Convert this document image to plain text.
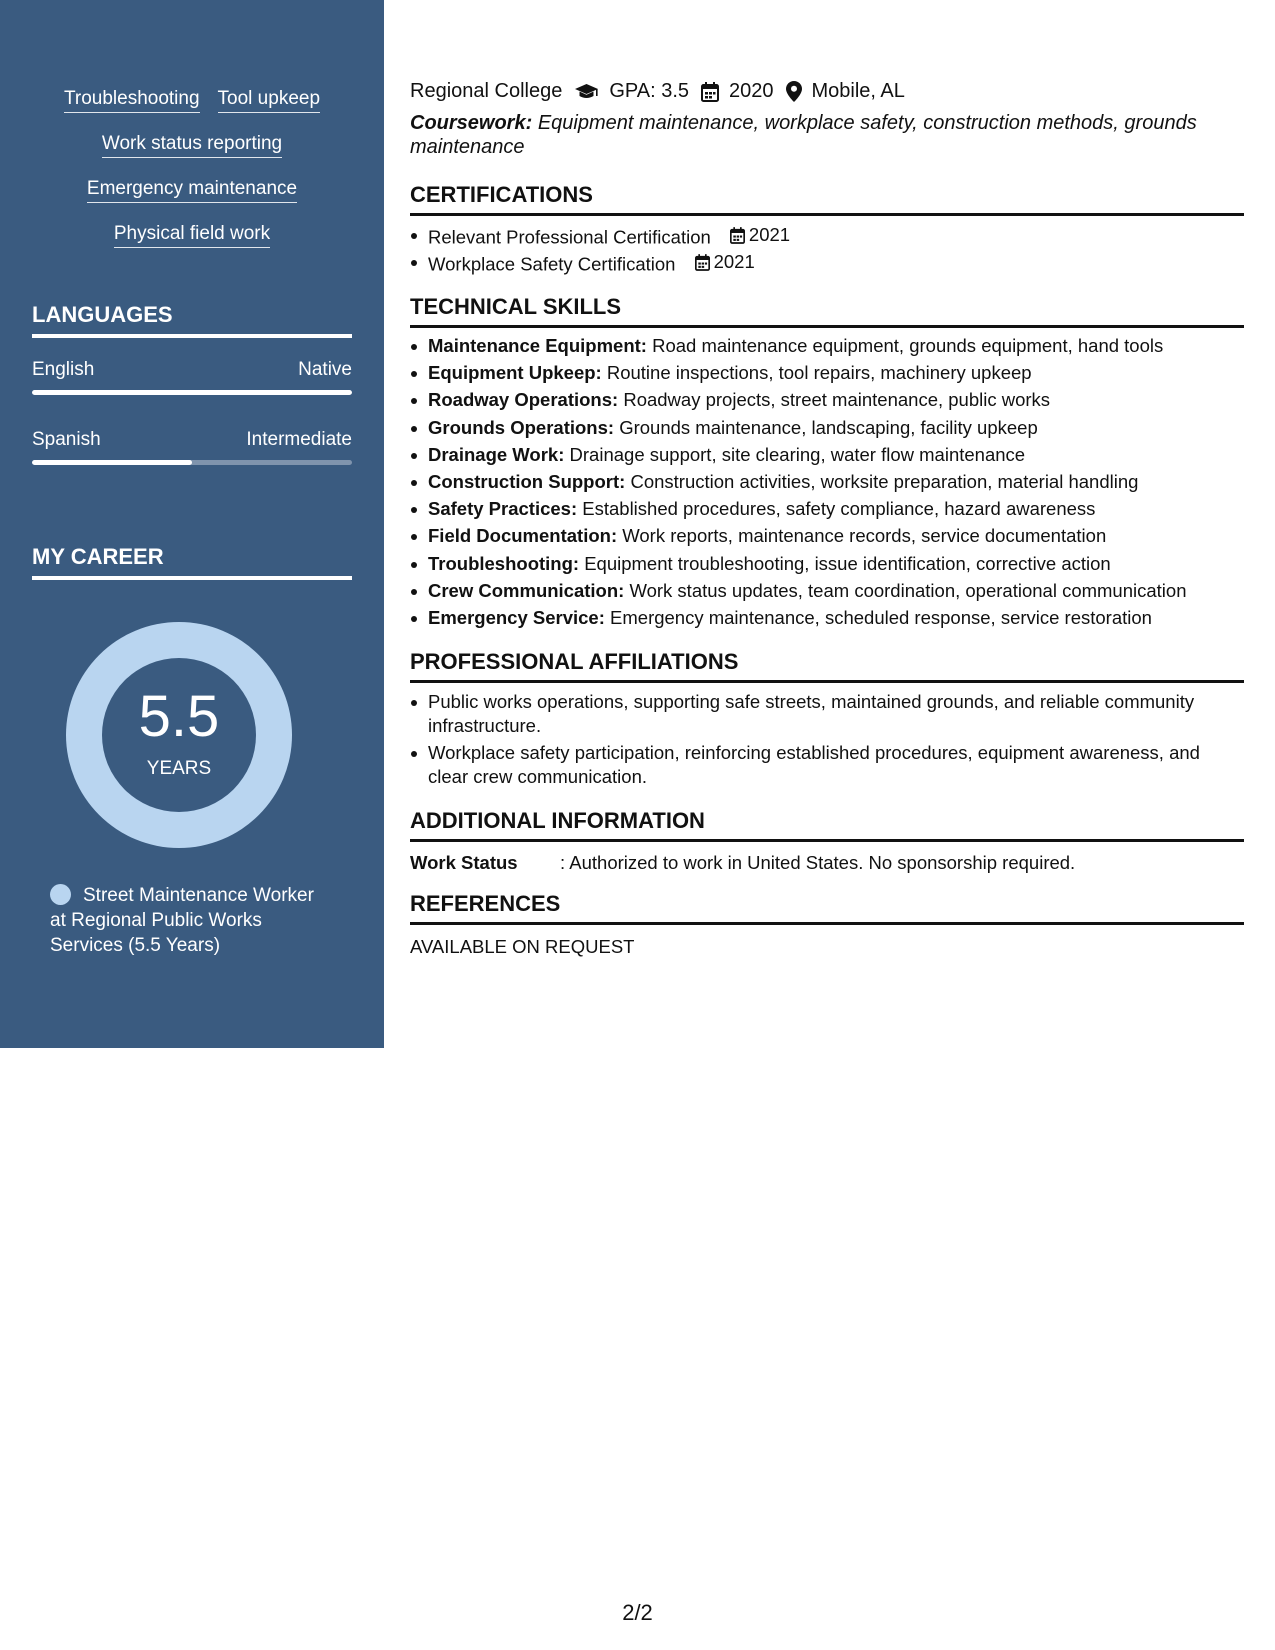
Troubleshooting Tool upkeep
Work status reporting
Emergency maintenance
Physical field work
LANGUAGES
English	Native
Spanish	Intermediate
MY CAREER
5.5
YEARS
Street Maintenance Worker at Regional Public Works Services (5.5 Years)
Regional College GPA: 3.5 2020 Mobile, AL
Coursework: Equipment maintenance, workplace safety, construction methods, grounds maintenance
CERTIFICATIONS
Relevant Professional Certification 2021
Workplace Safety Certification 2021
TECHNICAL SKILLS
Maintenance Equipment: Road maintenance equipment, grounds equipment, hand tools
Equipment Upkeep: Routine inspections, tool repairs, machinery upkeep
Roadway Operations: Roadway projects, street maintenance, public works
Grounds Operations: Grounds maintenance, landscaping, facility upkeep
Drainage Work: Drainage support, site clearing, water flow maintenance
Construction Support: Construction activities, worksite preparation, material handling
Safety Practices: Established procedures, safety compliance, hazard awareness
Field Documentation: Work reports, maintenance records, service documentation
Troubleshooting: Equipment troubleshooting, issue identification, corrective action
Crew Communication: Work status updates, team coordination, operational communication
Emergency Service: Emergency maintenance, scheduled response, service restoration
PROFESSIONAL AFFILIATIONS
Public works operations, supporting safe streets, maintained grounds, and reliable community infrastructure.
Workplace safety participation, reinforcing established procedures, equipment awareness, and clear crew communication.
ADDITIONAL INFORMATION
Work Status	: Authorized to work in United States. No sponsorship required.
REFERENCES
AVAILABLE ON REQUEST
2/2
